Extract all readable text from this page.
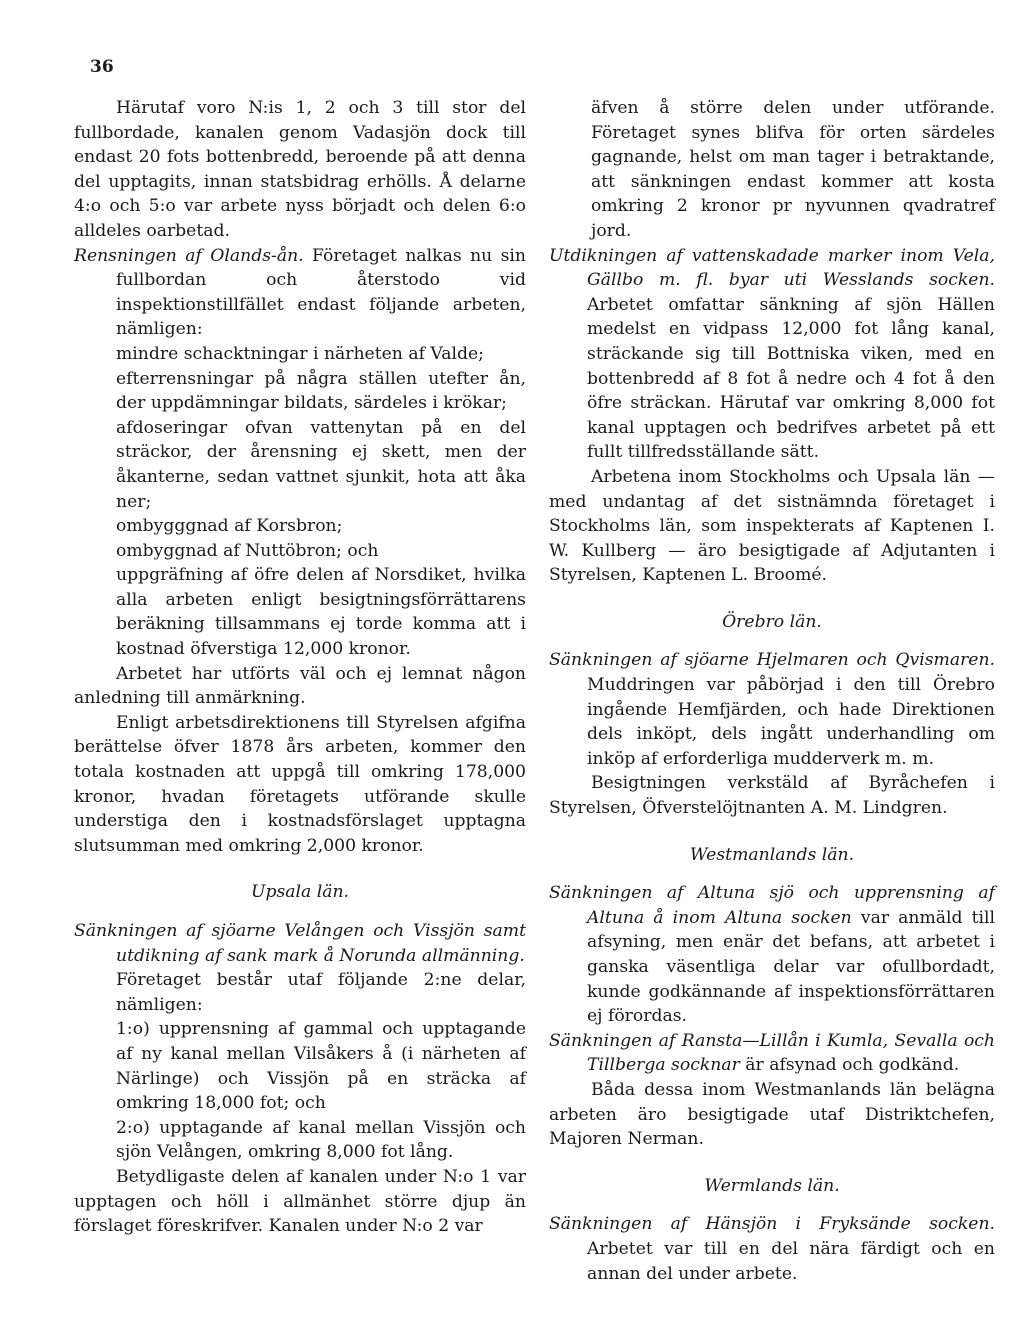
36

Härutaf voro N:is 1, 2 och 3 till stor del fullbordade, kanalen genom Vadasjön dock till endast 20 fots bottenbredd, beroende på att denna del upptagits, innan statsbidrag erhölls. Å delarne 4:o och 5:o var arbete nyss börjadt och delen 6:o alldeles oarbetad.

Rensningen af Olands-ån. Företaget nalkas nu sin fullbordan och återstodo vid inspektionstillfället endast följande arbeten, nämligen:

mindre schacktningar i närheten af Valde;

efterrensningar på några ställen utefter ån, der uppdämningar bildats, särdeles i krökar;

afdoseringar ofvan vattenytan på en del sträckor, der årensning ej skett, men der åkanterne, sedan vattnet sjunkit, hota att åka ner;

ombygggnad af Korsbron;

ombyggnad af Nuttöbron; och

uppgräfning af öfre delen af Norsdiket, hvilka alla arbeten enligt besigtningsförrättarens beräkning tillsammans ej torde komma att i kostnad öfverstiga 12,000 kronor.

Arbetet har utförts väl och ej lemnat någon anledning till anmärkning.

Enligt arbetsdirektionens till Styrelsen afgifna berättelse öfver 1878 års arbeten, kommer den totala kostnaden att uppgå till omkring 178,000 kronor, hvadan företagets utförande skulle understiga den i kostnadsförslaget upptagna slutsumman med omkring 2,000 kronor.

Upsala län.

Sänkningen af sjöarne Velången och Vissjön samt utdikning af sank mark å Norunda allmänning.

Företaget består utaf följande 2:ne delar, nämligen:

1:o) upprensning af gammal och upptagande af ny kanal mellan Vilsåkers å (i närheten af Närlinge) och Vissjön på en sträcka af omkring 18,000 fot; och

2:o) upptagande af kanal mellan Vissjön och sjön Velången, omkring 8,000 fot lång.

Betydligaste delen af kanalen under N:o 1 var upptagen och höll i allmänhet större djup än förslaget föreskrifver. Kanalen under N:o 2 var

äfven å större delen under utförande. Företaget synes blifva för orten särdeles gagnande, helst om man tager i betraktande, att sänkningen endast kommer att kosta omkring 2 kronor pr nyvunnen qvadratref jord.

Utdikningen af vattenskadade marker inom Vela, Gällbo m. fl. byar uti Wesslands socken. Arbetet omfattar sänkning af sjön Hällen medelst en vidpass 12,000 fot lång kanal, sträckande sig till Bottniska viken, med en bottenbredd af 8 fot å nedre och 4 fot å den öfre sträckan. Härutaf var omkring 8,000 fot kanal upptagen och bedrifves arbetet på ett fullt tillfredsställande sätt.

Arbetena inom Stockholms och Upsala län — med undantag af det sistnämnda företaget i Stockholms län, som inspekterats af Kaptenen I. W. Kullberg — äro besigtigade af Adjutanten i Styrelsen, Kaptenen L. Broomé.

Örebro län.

Sänkningen af sjöarne Hjelmaren och Qvismaren. Muddringen var påbörjad i den till Örebro ingående Hemfjärden, och hade Direktionen dels inköpt, dels ingått underhandling om inköp af erforderliga mudderverk m. m.

Besigtningen verkstäld af Byråchefen i Styrelsen, Öfverstelöjtnanten A. M. Lindgren.

Westmanlands län.

Sänkningen af Altuna sjö och upprensning af Altuna å inom Altuna socken var anmäld till afsyning, men enär det befans, att arbetet i ganska väsentliga delar var ofullbordadt, kunde godkännande af inspektionsförrättaren ej förordas.

Sänkningen af Ransta—Lillån i Kumla, Sevalla och Tillberga socknar är afsynad och godkänd.

Båda dessa inom Westmanlands län belägna arbeten äro besigtigade utaf Distriktchefen, Majoren Nerman.

Wermlands län.

Sänkningen af Hänsjön i Fryksände socken. Arbetet var till en del nära färdigt och en annan del under arbete.
